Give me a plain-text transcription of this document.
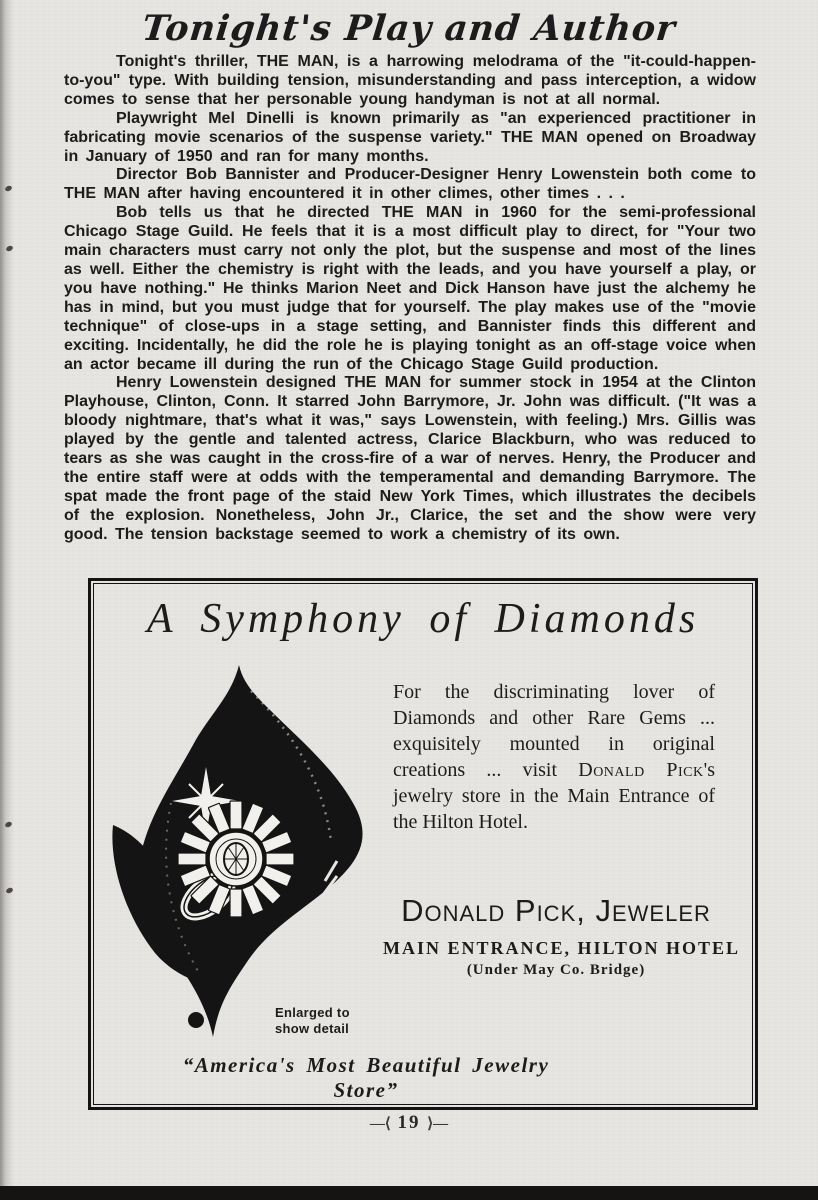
Tonight's Play and Author

Tonight's thriller, THE MAN, is a harrowing melodrama of the "it-could-happen-to-you" type. With building tension, misunderstanding and pass interception, a widow comes to sense that her personable young handyman is not at all normal.

Playwright Mel Dinelli is known primarily as "an experienced practitioner in fabricating movie scenarios of the suspense variety." THE MAN opened on Broadway in January of 1950 and ran for many months.

Director Bob Bannister and Producer-Designer Henry Lowenstein both come to THE MAN after having encountered it in other climes, other times . . .

Bob tells us that he directed THE MAN in 1960 for the semi-professional Chicago Stage Guild. He feels that it is a most difficult play to direct, for "Your two main characters must carry not only the plot, but the suspense and most of the lines as well. Either the chemistry is right with the leads, and you have yourself a play, or you have nothing." He thinks Marion Neet and Dick Hanson have just the alchemy he has in mind, but you must judge that for yourself. The play makes use of the "movie technique" of close-ups in a stage setting, and Bannister finds this different and exciting. Incidentally, he did the role he is playing tonight as an off-stage voice when an actor became ill during the run of the Chicago Stage Guild production.

Henry Lowenstein designed THE MAN for summer stock in 1954 at the Clinton Playhouse, Clinton, Conn. It starred John Barrymore, Jr. John was difficult. ("It was a bloody nightmare, that's what it was," says Lowenstein, with feeling.) Mrs. Gillis was played by the gentle and talented actress, Clarice Blackburn, who was reduced to tears as she was caught in the cross-fire of a war of nerves. Henry, the Producer and the entire staff were at odds with the temperamental and demanding Barrymore. The spat made the front page of the staid New York Times, which illustrates the decibels of the explosion. Nonetheless, John Jr., Clarice, the set and the show were very good. The tension backstage seemed to work a chemistry of its own.

A Symphony of Diamonds

For the discriminating lover of Diamonds and other Rare Gems ... exquisitely mounted in original creations ... visit Donald Pick's jewelry store in the Main Entrance of the Hilton Hotel.

Donald Pick, Jeweler
MAIN ENTRANCE, HILTON HOTEL
(Under May Co. Bridge)
Enlarged to
show detail
“America's Most Beautiful Jewelry Store”
—⟨ 19 ⟩—
